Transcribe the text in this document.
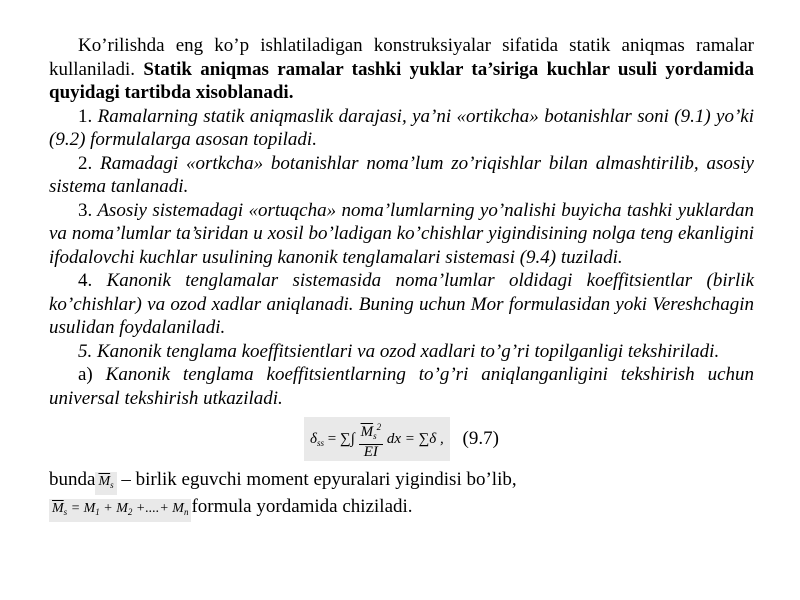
Ko’rilishda eng ko’p ishlatiladigan konstruksiyalar sifatida statik aniqmas ramalar kullaniladi. Statik aniqmas ramalar tashki yuklar ta’siriga kuchlar usuli yordamida quyidagi tartibda xisoblanadi.

1. Ramalarning statik aniqmaslik darajasi, ya’ni «ortikcha» botanishlar soni (9.1) yo’ki (9.2) formulalarga asosan topiladi.

2. Ramadagi «ortkcha» botanishlar noma’lum zo’riqishlar bilan almashtirilib, asosiy sistema tanlanadi.

3. Asosiy sistemadagi «ortuqcha» noma’lumlarning yo’nalishi buyicha tashki yuklardan va noma’lumlar ta’siridan u xosil bo’ladigan ko’chishlar yigindisining nolga teng ekanligini ifodalovchi kuchlar usulining kanonik tenglamalari sistemasi (9.4) tuziladi.

4. Kanonik tenglamalar sistemasida noma’lumlar oldidagi koeffitsientlar (birlik ko’chishlar) va ozod xadlar aniqlanadi. Buning uchun Mor formulasidan yoki Vereshchagin usulidan foydalaniladi.

5. Kanonik tenglama koeffitsientlari va ozod xadlari to’g’ri topilganligi tekshiriladi.

a) Kanonik tenglama koeffitsientlarning to’g’ri aniqlanganligini tekshirish uchun universal tekshirish utkaziladi.

$\delta_{ss}$ = ∑∫ $\frac{\overline{M}_s^2}{EI}$ dx = ∑δ , (9.7)

bunda $\overline{M}_s$ – birlik eguvchi moment epyuralari yigindisi bo’lib,

$\overline{M}_s = M_1 + M_2$ +....+ $M_n$ formula yordamida chiziladi.
